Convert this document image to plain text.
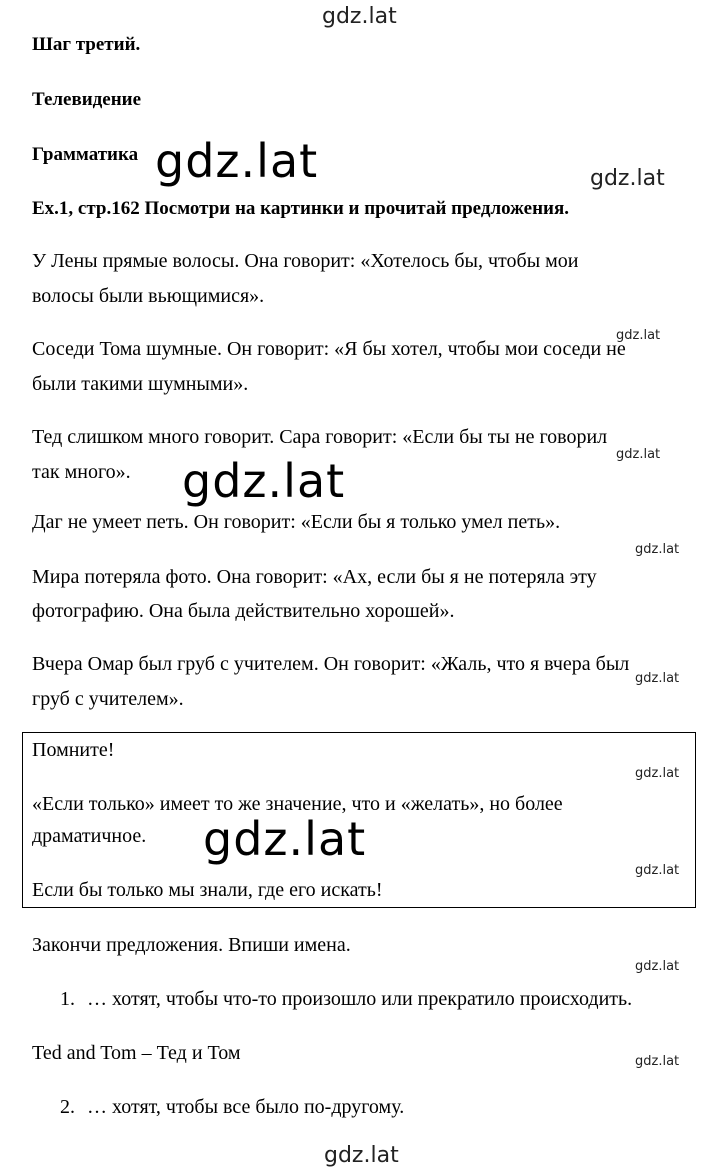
gdz.lat
gdz.lat	gdz.lat
gdz.lat
gdz.lat
gdz.lat
gdz.lat
gdz.lat
gdz.lat
gdz.lat
gdz.lat
gdz.lat
gdz.lat
gdz.lat
Шаг третий.
Телевидение
Грамматика
Ex.1, стр.162 Посмотри на картинки и прочитай предложения.
У Лены прямые волосы. Она говорит: «Хотелось бы, чтобы мои
волосы были вьющимися».
Соседи Тома шумные. Он говорит: «Я бы хотел, чтобы мои соседи не
были такими шумными».
Тед слишком много говорит. Сара говорит: «Если бы ты не говорил
так много».
Даг не умеет петь. Он говорит: «Если бы я только умел петь».
Мира потеряла фото. Она говорит: «Ах, если бы я не потеряла эту
фотографию. Она была действительно хорошей».
Вчера Омар был груб с учителем. Он говорит: «Жаль, что я вчера был
груб с учителем».
Помните!
«Если только» имеет то же значение, что и «желать», но более
драматичное.
Если бы только мы знали, где его искать!
Закончи предложения. Впиши имена.
1. … хотят, чтобы что-то произошло или прекратило происходить.
Ted and Tom – Тед и Том
2. … хотят, чтобы все было по-другому.
